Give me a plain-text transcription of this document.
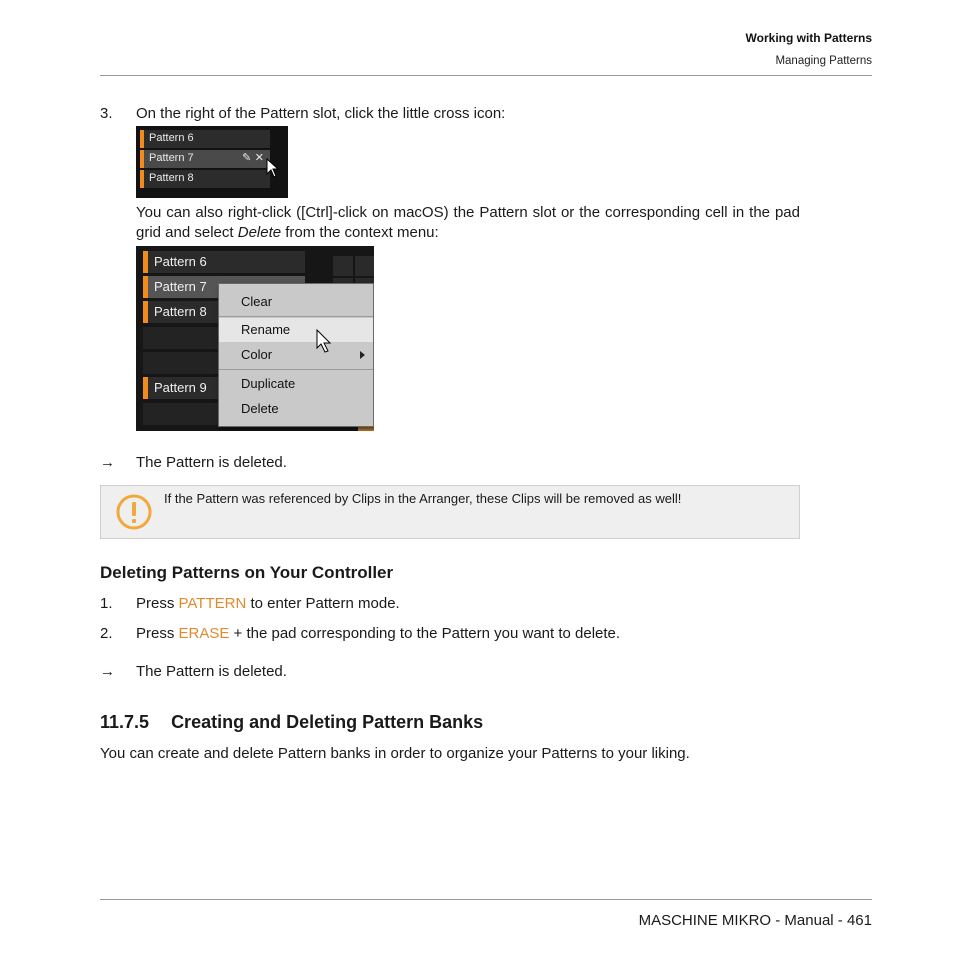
Working with Patterns
Managing Patterns
3. On the right of the Pattern slot, click the little cross icon:
Pattern 6
Pattern 7	✎ ✕
Pattern 8
You can also right-click ([Ctrl]-click on macOS) the Pattern slot or the corresponding cell in the pad grid and select Delete from the context menu:
Pattern 6
Pattern 7
Pattern 8
Pattern 9
Clear
Rename
Color
Duplicate
Delete
→ The Pattern is deleted.
If the Pattern was referenced by Clips in the Arranger, these Clips will be removed as well!
Deleting Patterns on Your Controller
1. Press PATTERN to enter Pattern mode.
2. Press ERASE + the pad corresponding to the Pattern you want to delete.
→ The Pattern is deleted.
11.7.5 Creating and Deleting Pattern Banks
You can create and delete Pattern banks in order to organize your Patterns to your liking.
MASCHINE MIKRO - Manual - 461
